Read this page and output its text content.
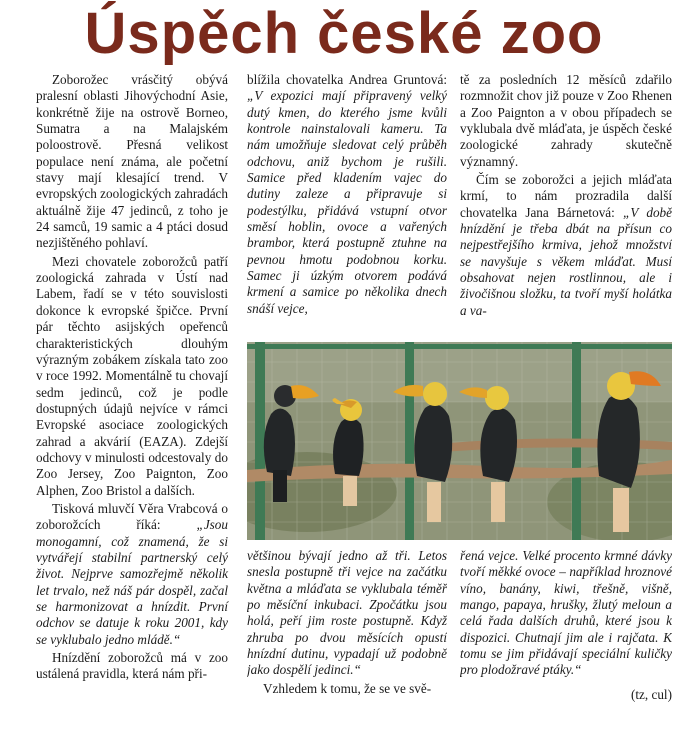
Úspěch české zoo

Zoborožec vrásčitý obývá pralesní oblasti Jihovýchodní Asie, konkrétně žije na ostrově Borneo, Sumatra a na Malajském poloostrově. Přesná velikost populace není známa, ale početní stavy mají klesající trend. V evropských zoologických zahradách aktuálně žije 47 jedinců, z toho je 24 samců, 19 samic a 4 ptáci dosud nezjištěného pohlaví.

Mezi chovatele zoborožců patří zoologická zahrada v Ústí nad Labem, řadí se v této souvislosti dokonce k evropské špičce. První pár těchto asijských opeřenců charakteristických dlouhým výrazným zobákem získala tato zoo v roce 1992. Momentálně tu chovají sedm jedinců, což je podle dostupných údajů nejvíce v rámci Evropské asociace zoologických zahrad a akvárií (EAZA). Zdejší odchovy v minulosti odcestovaly do Zoo Jersey, Zoo Paignton, Zoo Alphen, Zoo Bristol a dalších.

Tisková mluvčí Věra Vrabcová o zoborožcích říká: „Jsou monogamní, což znamená, že si vytvářejí stabilní partnerský celý život. Nejprve samozřejmě několik let trvalo, než náš pár dospěl, začal se harmonizovat a hnízdit. První odchov se datuje k roku 2001, kdy se vyklubalo jedno mládě.“

Hnízdění zoborožců má v zoo ustálená pravidla, která nám při-

blížila chovatelka Andrea Gruntová: „V expozici mají připravený velký dutý kmen, do kterého jsme kvůli kontrole nainstalovali kameru. Ta nám umožňuje sledovat celý průběh odchovu, aniž bychom je rušili. Samice před kladením vajec do dutiny zaleze a připravuje si podestýlku, přidává vstupní otvor směsí hoblin, ovoce a vařených brambor, která postupně ztuhne na pevnou hmotu podobnou korku. Samec ji úzkým otvorem podává krmení a samice po několika dnech snáší vejce,

tě za posledních 12 měsíců zdařilo rozmnožit chov již pouze v Zoo Rhenen a Zoo Paignton a v obou případech se vyklubala dvě mláďata, je úspěch české zoologické zahrady skutečně významný.

Čím se zoborožci a jejich mláďata krmí, to nám prozradila další chovatelka Jana Bárnetová: „V době hnízdění je třeba dbát na přísun co nejpestřejšího krmiva, jehož množství se navyšuje s věkem mláďat. Musí obsahovat nejen rostlinnou, ale i živočišnou složku, ta tvoří myší holátka a va-

většinou bývají jedno až tři. Letos snesla postupně tři vejce na začátku května a mláďata se vyklubala téměř po měsíční inkubaci. Zpočátku jsou holá, peří jim roste postupně. Když zhruba po dvou měsících opustí hnízdní dutinu, vypadají už podobně jako dospělí jedinci.“

Vzhledem k tomu, že se ve svě-

řená vejce. Velké procento krmné dávky tvoří měkké ovoce – například hroznové víno, banány, kiwi, třešně, višně, mango, papaya, hrušky, žlutý meloun a celá řada dalších druhů, které jsou k dispozici. Chutnají jim ale i rajčata. K tomu se jim přidávají speciální kuličky pro plodožravé ptáky.“

(tz, cul)
